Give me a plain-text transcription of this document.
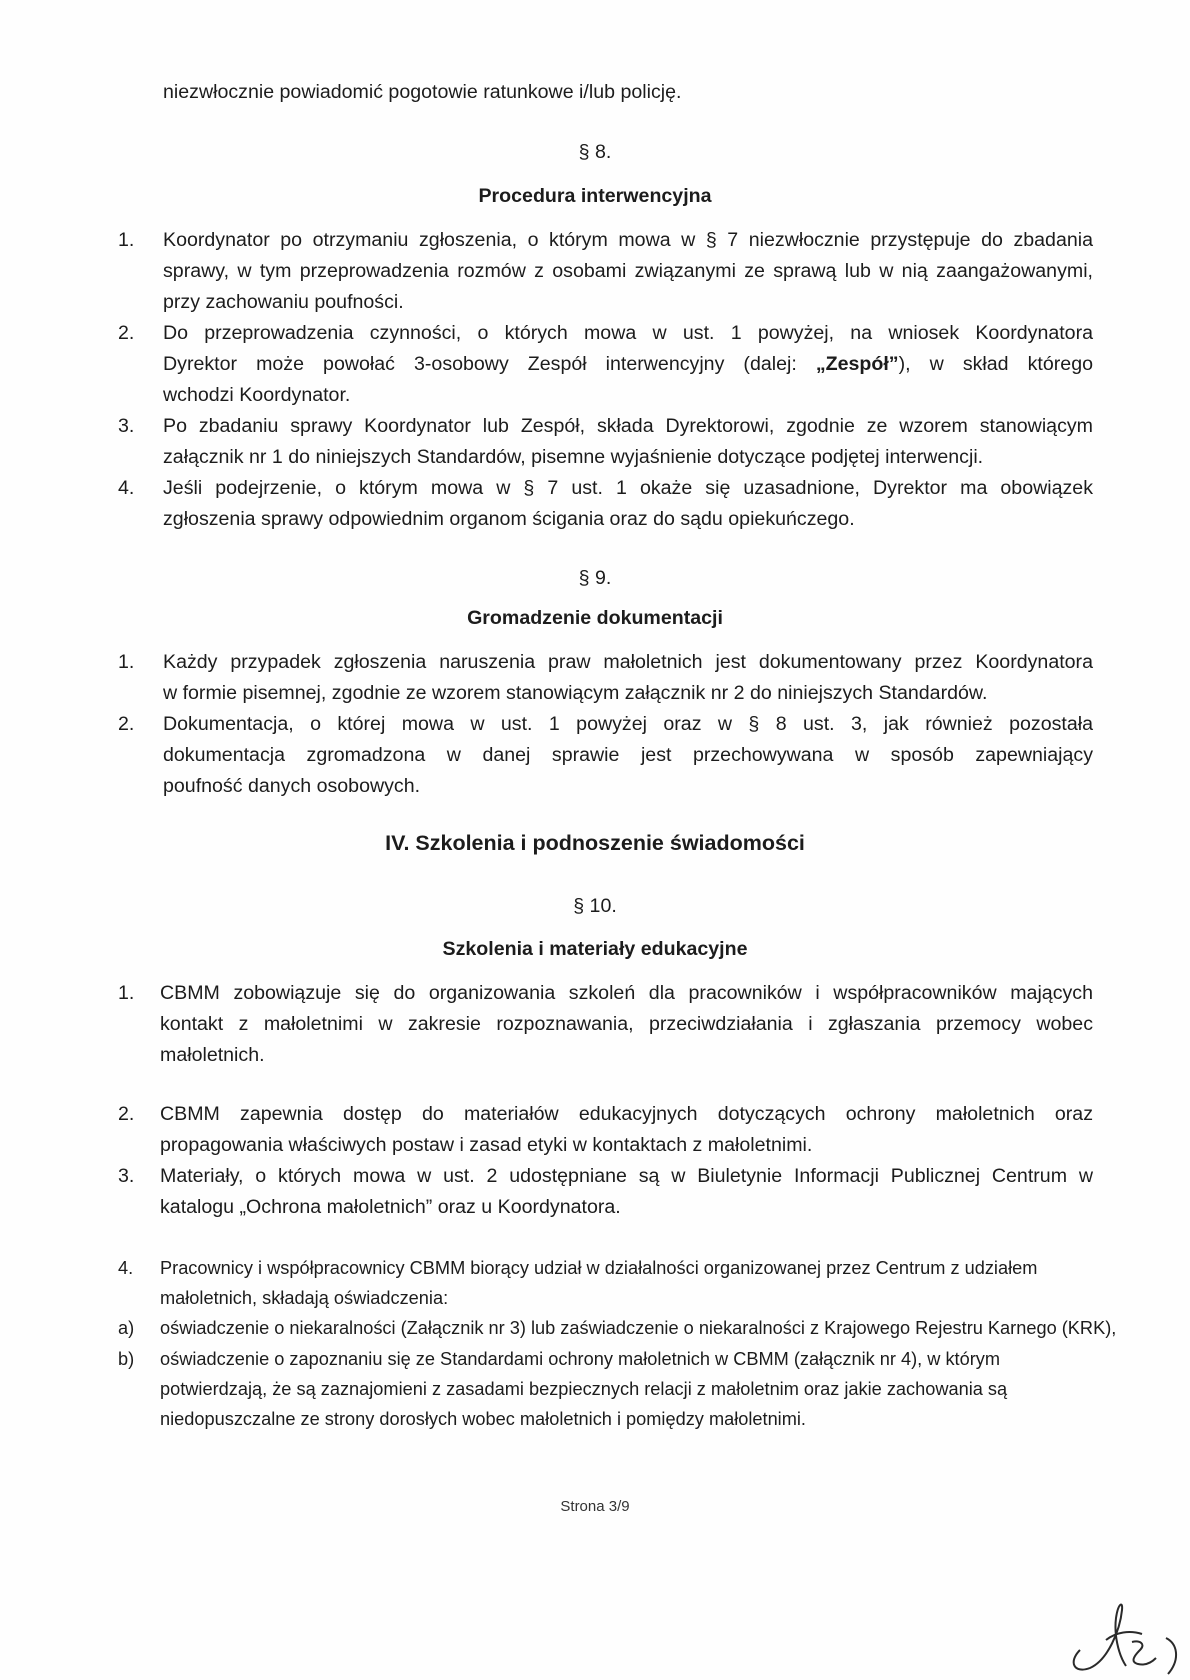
niezwłocznie powiadomić pogotowie ratunkowe i/lub policję.
§ 8.
Procedura interwencyjna
1. Koordynator po otrzymaniu zgłoszenia, o którym mowa w § 7 niezwłocznie przystępuje do zbadania
sprawy, w tym przeprowadzenia rozmów z osobami związanymi ze sprawą lub w nią zaangażowanymi,
przy zachowaniu poufności.
2. Do przeprowadzenia czynności, o których mowa w ust. 1 powyżej, na wniosek Koordynatora
Dyrektor może powołać 3-osobowy Zespół interwencyjny (dalej: „Zespół”), w skład którego
wchodzi Koordynator.
3. Po zbadaniu sprawy Koordynator lub Zespół, składa Dyrektorowi, zgodnie ze wzorem stanowiącym
załącznik nr 1 do niniejszych Standardów, pisemne wyjaśnienie dotyczące podjętej interwencji.
4. Jeśli podejrzenie, o którym mowa w § 7 ust. 1 okaże się uzasadnione, Dyrektor ma obowiązek
zgłoszenia sprawy odpowiednim organom ścigania oraz do sądu opiekuńczego.
§ 9.
Gromadzenie dokumentacji
1. Każdy przypadek zgłoszenia naruszenia praw małoletnich jest dokumentowany przez Koordynatora
w formie pisemnej, zgodnie ze wzorem stanowiącym załącznik nr 2 do niniejszych Standardów.
2. Dokumentacja, o której mowa w ust. 1 powyżej oraz w § 8 ust. 3, jak również pozostała
dokumentacja zgromadzona w danej sprawie jest przechowywana w sposób zapewniający
poufność danych osobowych.
IV. Szkolenia i podnoszenie świadomości
§ 10.
Szkolenia i materiały edukacyjne
1. CBMM zobowiązuje się do organizowania szkoleń dla pracowników i współpracowników mających
kontakt z małoletnimi w zakresie rozpoznawania, przeciwdziałania i zgłaszania przemocy wobec
małoletnich.
2. CBMM zapewnia dostęp do materiałów edukacyjnych dotyczących ochrony małoletnich oraz
propagowania właściwych postaw i zasad etyki w kontaktach z małoletnimi.
3. Materiały, o których mowa w ust. 2 udostępniane są w Biuletynie Informacji Publicznej Centrum w
katalogu „Ochrona małoletnich” oraz u Koordynatora.
4. Pracownicy i współpracownicy CBMM biorący udział w działalności organizowanej przez Centrum z udziałem
małoletnich, składają oświadczenia:
a) oświadczenie o niekaralności (Załącznik nr 3) lub zaświadczenie o niekaralności z Krajowego Rejestru Karnego (KRK),
b) oświadczenie o zapoznaniu się ze Standardami ochrony małoletnich w CBMM (załącznik nr 4), w którym
potwierdzają, że są zaznajomieni z zasadami bezpiecznych relacji z małoletnim oraz jakie zachowania są
niedopuszczalne ze strony dorosłych wobec małoletnich i pomiędzy małoletnimi.
Strona 3/9
